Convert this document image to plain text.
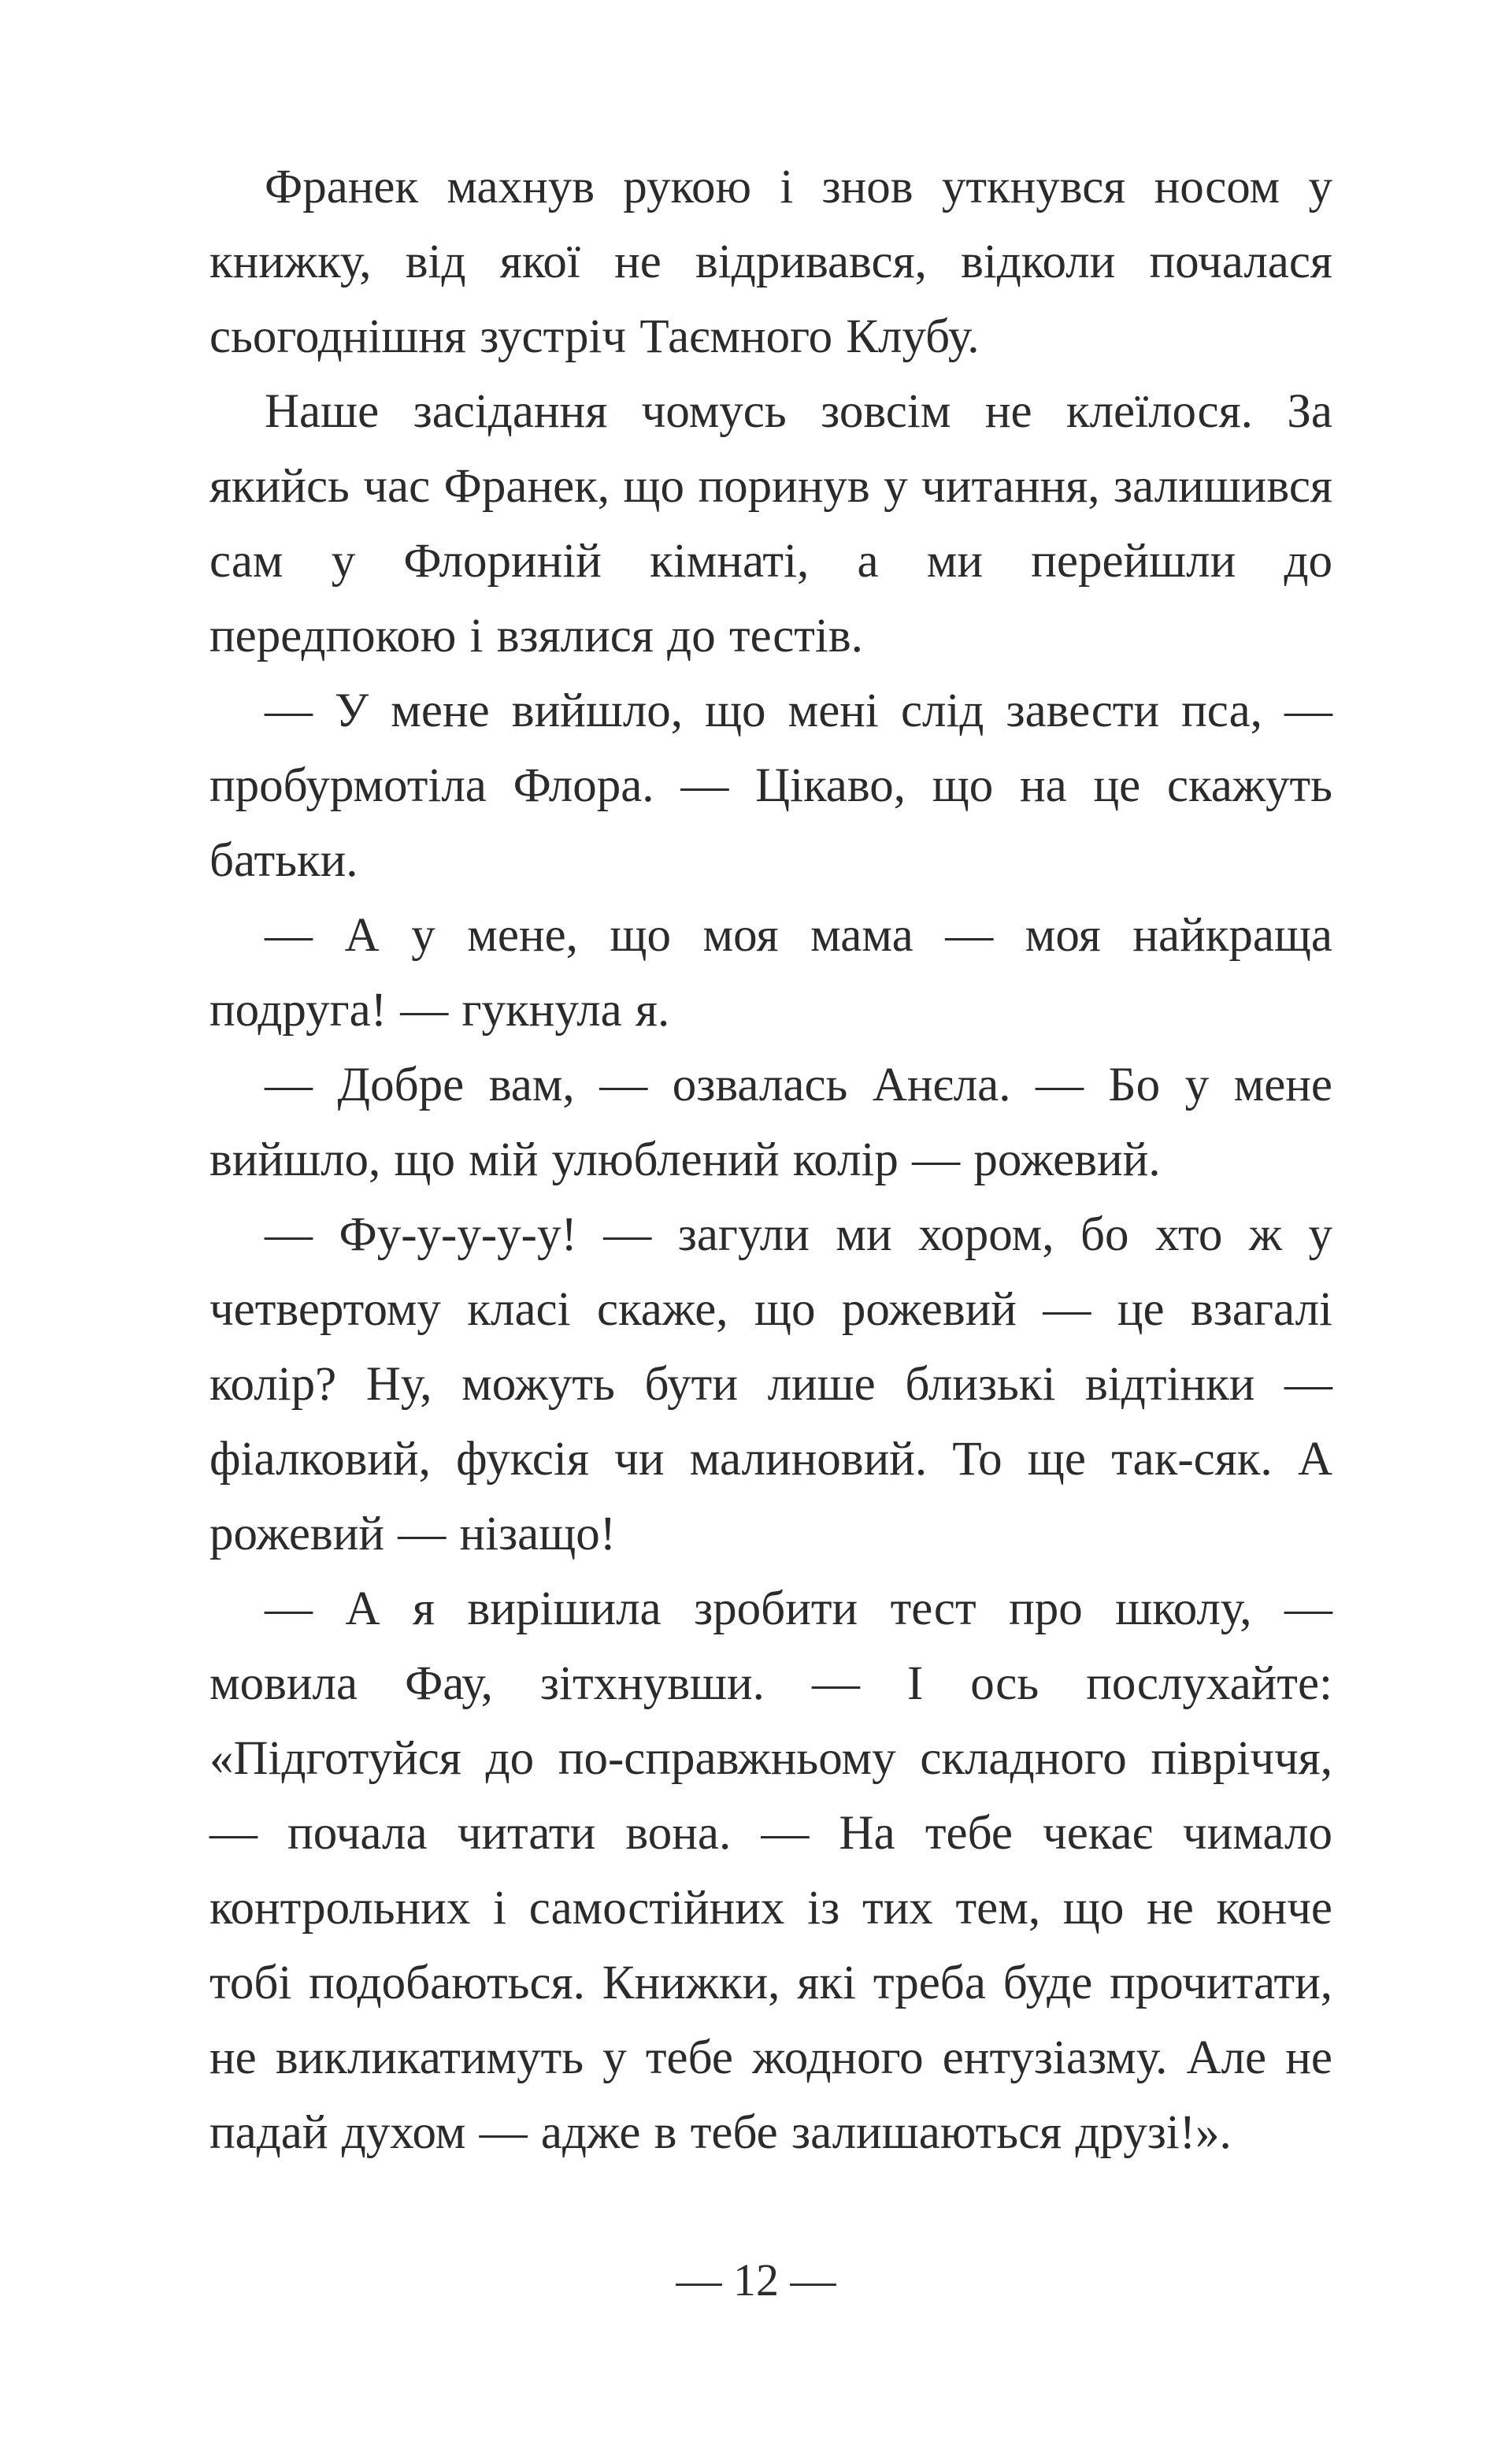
Франек махнув рукою і знов уткнувся носом у книжку, від якої не відривався, відколи почалася сьогоднішня зустріч Таємного Клубу.

Наше засідання чомусь зовсім не клеїлося. За якийсь час Франек, що поринув у читання, залишився сам у Флориній кімнаті, а ми перейшли до передпокою і взялися до тестів.

— У мене вийшло, що мені слід завести пса, — пробурмотіла Флора. — Цікаво, що на це скажуть батьки.

— А у мене, що моя мама — моя найкраща подруга! — гукнула я.

— Добре вам, — озвалась Анєла. — Бо у мене вийшло, що мій улюблений колір — рожевий.

— Фу-у-у-у-у! — загули ми хором, бо хто ж у четвертому класі скаже, що рожевий — це взагалі колір? Ну, можуть бути лише близькі відтінки — фіалковий, фуксія чи малиновий. То ще так-сяк. А рожевий — нізащо!

— А я вирішила зробити тест про школу, — мовила Фау, зітхнувши. — І ось послухайте: «Підготуйся до по-справжньому складного півріччя, — почала читати вона. — На тебе чекає чимало контрольних і самостійних із тих тем, що не конче тобі подобаються. Книжки, які треба буде прочитати, не викликатимуть у тебе жодного ентузіазму. Але не падай духом — адже в тебе залишаються друзі!».

— 12 —
